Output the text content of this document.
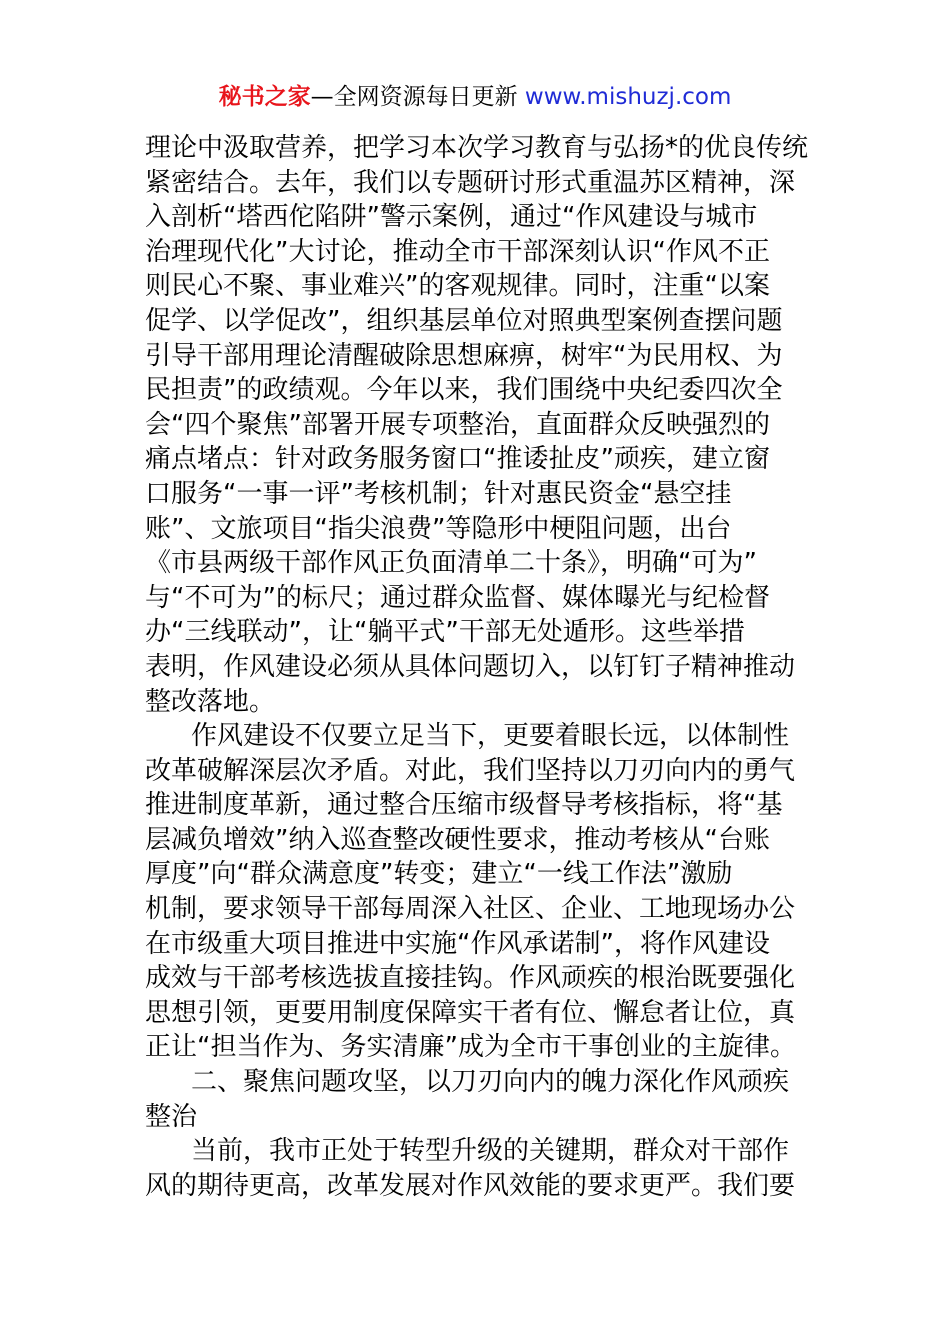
秘书之家—全网资源每日更新 www.mishuzj.com
理论中汲取营养，把学习本次学习教育与弘扬*的优良传统
紧密结合。去年，我们以专题研讨形式重温苏区精神，深
入剖析“塔西佗陷阱”警示案例，通过“作风建设与城市
治理现代化”大讨论，推动全市干部深刻认识“作风不正
则民心不聚、事业难兴”的客观规律。同时，注重“以案
促学、以学促改”，组织基层单位对照典型案例查摆问题
引导干部用理论清醒破除思想麻痹，树牢“为民用权、为
民担责”的政绩观。今年以来，我们围绕中央纪委四次全
会“四个聚焦”部署开展专项整治，直面群众反映强烈的
痛点堵点：针对政务服务窗口“推诿扯皮”顽疾，建立窗
口服务“一事一评”考核机制；针对惠民资金“悬空挂
账”、文旅项目“指尖浪费”等隐形中梗阻问题，出台
《市县两级干部作风正负面清单二十条》，明确“可为”
与“不可为”的标尺；通过群众监督、媒体曝光与纪检督
办“三线联动”，让“躺平式”干部无处遁形。这些举措
表明，作风建设必须从具体问题切入，以钉钉子精神推动
整改落地。
作风建设不仅要立足当下，更要着眼长远，以体制性
改革破解深层次矛盾。对此，我们坚持以刀刃向内的勇气
推进制度革新，通过整合压缩市级督导考核指标，将“基
层减负增效”纳入巡查整改硬性要求，推动考核从“台账
厚度”向“群众满意度”转变；建立“一线工作法”激励
机制，要求领导干部每周深入社区、企业、工地现场办公
在市级重大项目推进中实施“作风承诺制”，将作风建设
成效与干部考核选拔直接挂钩。作风顽疾的根治既要强化
思想引领，更要用制度保障实干者有位、懈怠者让位，真
正让“担当作为、务实清廉”成为全市干事创业的主旋律。
二、聚焦问题攻坚，以刀刃向内的魄力深化作风顽疾
整治
当前，我市正处于转型升级的关键期，群众对干部作
风的期待更高，改革发展对作风效能的要求更严。我们要
